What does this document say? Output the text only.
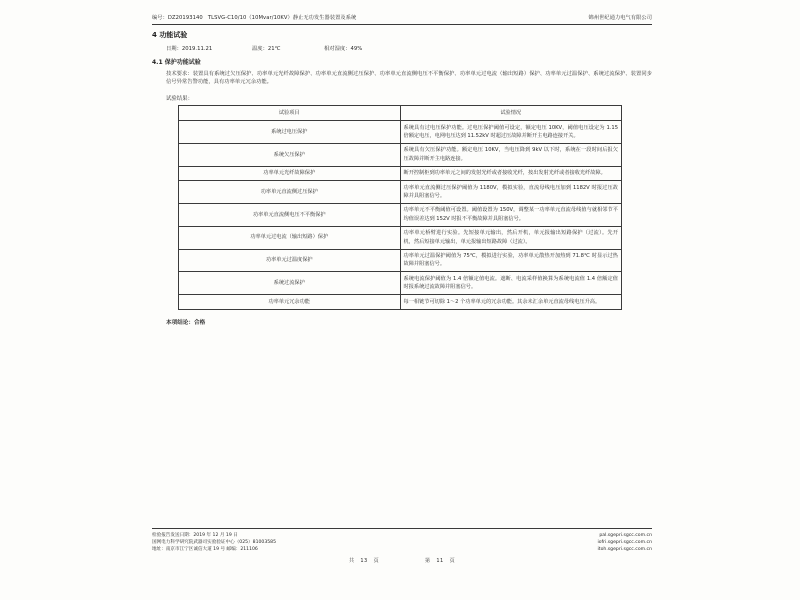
编号：DZ20193140 TLSVG-C10/10（10Mvar/10KV）静止无功发生器装置及系统	锦州世纪通力电气有限公司
4 功能试验
日期：2019.11.21	温度：21℃	相对湿度：49%
4.1 保护功能试验
技术要求：装置具有系统过欠压保护、功率单元光纤故障保护、功率单元直流侧过压保护、功率单元直流侧电压不平衡保护、功率单元过电流（输出短路）保护、功率单元过温保护、系统过流保护、装置同步信号异常告警功能，具有功率单元冗余功能。
试验结果：
试验项目	试验情况
系统过电压保护	系统具有过电压保护功能。过电压保护阈值可设定，额定电压 10KV，阈值电压设定为 1.15 倍额定电压，电网电压达到 11.52kV 时超过压故障并断开主电路连接开关。
系统欠压保护	系统具有欠压保护功能。额定电压 10KV，当电压降到 9kV 以下时，系统在一段时间后报欠压故障并断开主电路连接。
功率单元光纤故障保护	断开控制柜到功率单元之间的发射光纤或者接收光纤，按出发射光纤或者接收光纤故障。
功率单元直流侧过压保护	功率单元直流侧过压保护阈值为 1180V，模拟实验，直流母线电压加到 1182V 时报过压故障并具阻塞信号。
功率单元直流侧电压不平衡保护	功率单元不平衡阈值可设置。阈值设置为 150V，调整某一功率单元直流母线值与就相邻节平均值误差达到 152V 时报不平衡故障并具阻塞信号。
功率单元过电流（输出短路）保护	功率单元桥臂进行实验。先短接单元输出，然后开机，单元报输出短路保护（过流）。先开机，然后短接单元输出，单元报输出短路故障（过流）。
功率单元过温度保护	功率单元过温保护阈值为 75℃，模拟进行实验，功率单元散热开加热到 71.8℃ 时显示过热故障并阻塞信号。
系统过流保护	系统电流保护阈值为 1.4 倍额定值电流。遮断、电流采样值换算为系统电流值 1.4 倍额定值时报系统过流故障并阻塞信号。
功率单元冗余功能	每一相链节可切除 1～2 个功率单元的冗余功能。其余未汇余单元直流母线电压升高。
本项结论：合格
检验报告发送日期：2019 年 12 月 19 日	pal.sgepri.sgcc.com.cn
国网电力科学研究院武器司实验验证中心（025）81003585	iofri.sgepri.sgcc.com.cn
地址：南京市江宁区诚信大道 19 号 邮编：211106	itoh.sgepri.sgcc.com.cn
共 13 页	第 11 页
